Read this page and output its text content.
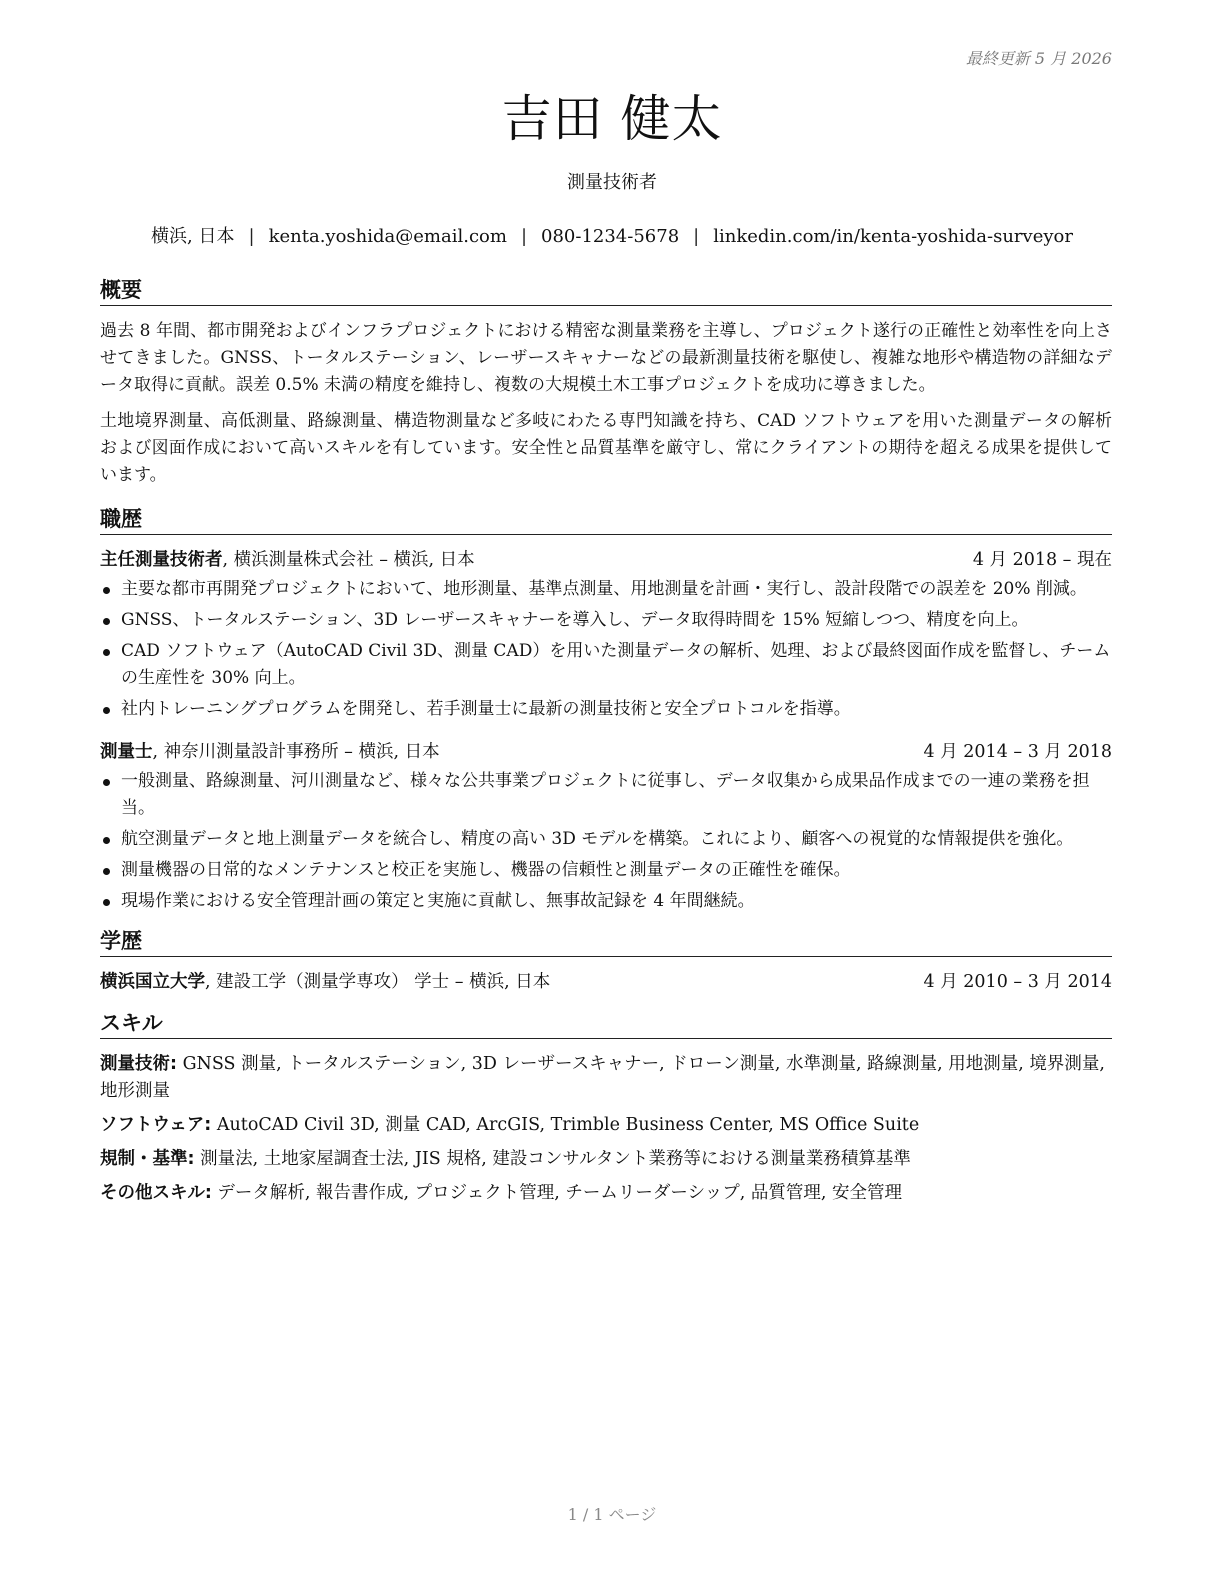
最終更新 5 月 2026
吉田 健太
測量技術者
横浜, 日本 | kenta.yoshida@email.com | 080-1234-5678 | linkedin.com/in/kenta-yoshida-surveyor
概要

過去 8 年間、都市開発およびインフラプロジェクトにおける精密な測量業務を主導し、プロジェクト遂行の正確性と効率性を向上させてきました。GNSS、トータルステーション、レーザースキャナーなどの最新測量技術を駆使し、複雑な地形や構造物の詳細なデータ取得に貢献。誤差 0.5% 未満の精度を維持し、複数の大規模土木工事プロジェクトを成功に導きました。

土地境界測量、高低測量、路線測量、構造物測量など多岐にわたる専門知識を持ち、CAD ソフトウェアを用いた測量データの解析および図面作成において高いスキルを有しています。安全性と品質基準を厳守し、常にクライアントの期待を超える成果を提供しています。

職歴
主任測量技術者, 横浜測量株式会社 – 横浜, 日本	4 月 2018 – 現在
主要な都市再開発プロジェクトにおいて、地形測量、基準点測量、用地測量を計画・実行し、設計段階での誤差を 20% 削減。
GNSS、トータルステーション、3D レーザースキャナーを導入し、データ取得時間を 15% 短縮しつつ、精度を向上。
CAD ソフトウェア（AutoCAD Civil 3D、測量 CAD）を用いた測量データの解析、処理、および最終図面作成を監督し、チームの生産性を 30% 向上。
社内トレーニングプログラムを開発し、若手測量士に最新の測量技術と安全プロトコルを指導。
測量士, 神奈川測量設計事務所 – 横浜, 日本	4 月 2014 – 3 月 2018
一般測量、路線測量、河川測量など、様々な公共事業プロジェクトに従事し、データ収集から成果品作成までの一連の業務を担当。
航空測量データと地上測量データを統合し、精度の高い 3D モデルを構築。これにより、顧客への視覚的な情報提供を強化。
測量機器の日常的なメンテナンスと校正を実施し、機器の信頼性と測量データの正確性を確保。
現場作業における安全管理計画の策定と実施に貢献し、無事故記録を 4 年間継続。
学歴
横浜国立大学, 建設工学（測量学専攻） 学士 – 横浜, 日本	4 月 2010 – 3 月 2014
スキル
測量技術: GNSS 測量, トータルステーション, 3D レーザースキャナー, ドローン測量, 水準測量, 路線測量, 用地測量, 境界測量, 地形測量
ソフトウェア: AutoCAD Civil 3D, 測量 CAD, ArcGIS, Trimble Business Center, MS Office Suite
規制・基準: 測量法, 土地家屋調査士法, JIS 規格, 建設コンサルタント業務等における測量業務積算基準
その他スキル: データ解析, 報告書作成, プロジェクト管理, チームリーダーシップ, 品質管理, 安全管理
1 / 1 ページ
